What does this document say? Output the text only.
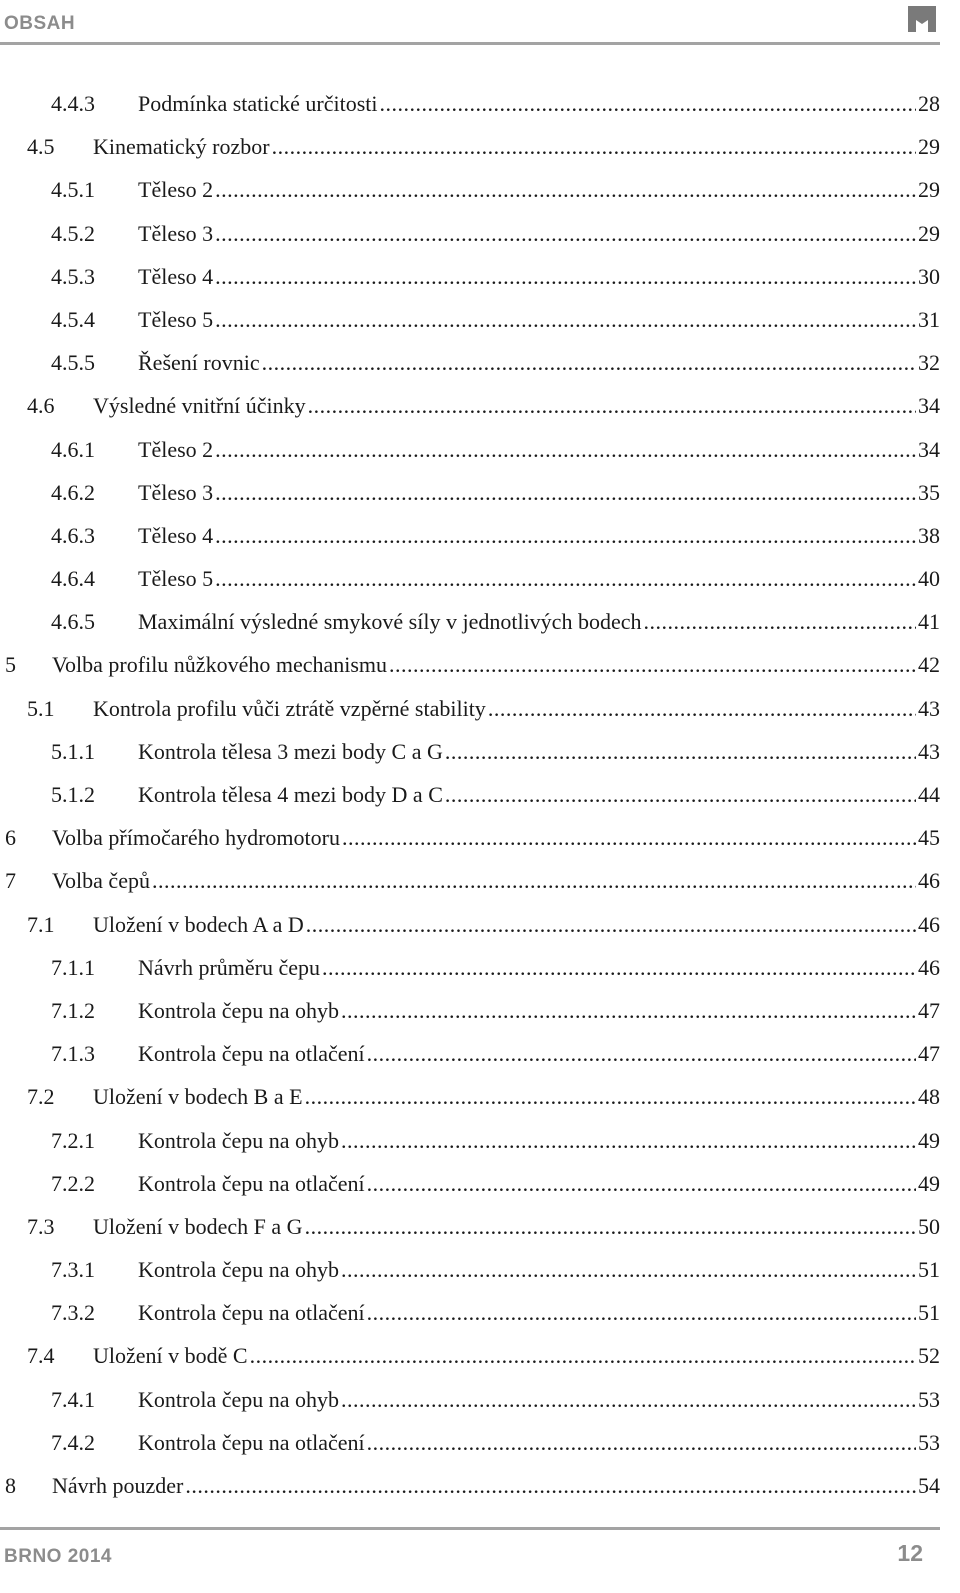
OBSAH
4.4.3 Podmínka statické určitosti .....	28
4.5 Kinematický rozbor .....	29
4.5.1 Těleso 2 .....	29
4.5.2 Těleso 3 .....	29
4.5.3 Těleso 4 .....	30
4.5.4 Těleso 5 .....	31
4.5.5 Řešení rovnic .....	32
4.6 Výsledné vnitřní účinky .....	34
4.6.1 Těleso 2 .....	34
4.6.2 Těleso 3 .....	35
4.6.3 Těleso 4 .....	38
4.6.4 Těleso 5 .....	40
4.6.5 Maximální výsledné smykové síly v jednotlivých bodech .....	41
5 Volba profilu nůžkového mechanismu .....	42
5.1 Kontrola profilu vůči ztrátě vzpěrné stability .....	43
5.1.1 Kontrola tělesa 3 mezi body C a G .....	43
5.1.2 Kontrola tělesa 4 mezi body D a C .....	44
6 Volba přímočarého hydromotoru .....	45
7 Volba čepů .....	46
7.1 Uložení v bodech A a D .....	46
7.1.1 Návrh průměru čepu .....	46
7.1.2 Kontrola čepu na ohyb .....	47
7.1.3 Kontrola čepu na otlačení .....	47
7.2 Uložení v bodech B a E .....	48
7.2.1 Kontrola čepu na ohyb .....	49
7.2.2 Kontrola čepu na otlačení .....	49
7.3 Uložení v bodech F a G .....	50
7.3.1 Kontrola čepu na ohyb .....	51
7.3.2 Kontrola čepu na otlačení .....	51
7.4 Uložení v bodě C .....	52
7.4.1 Kontrola čepu na ohyb .....	53
7.4.2 Kontrola čepu na otlačení .....	53
8 Návrh pouzder .....	54
BRNO 2014	12
